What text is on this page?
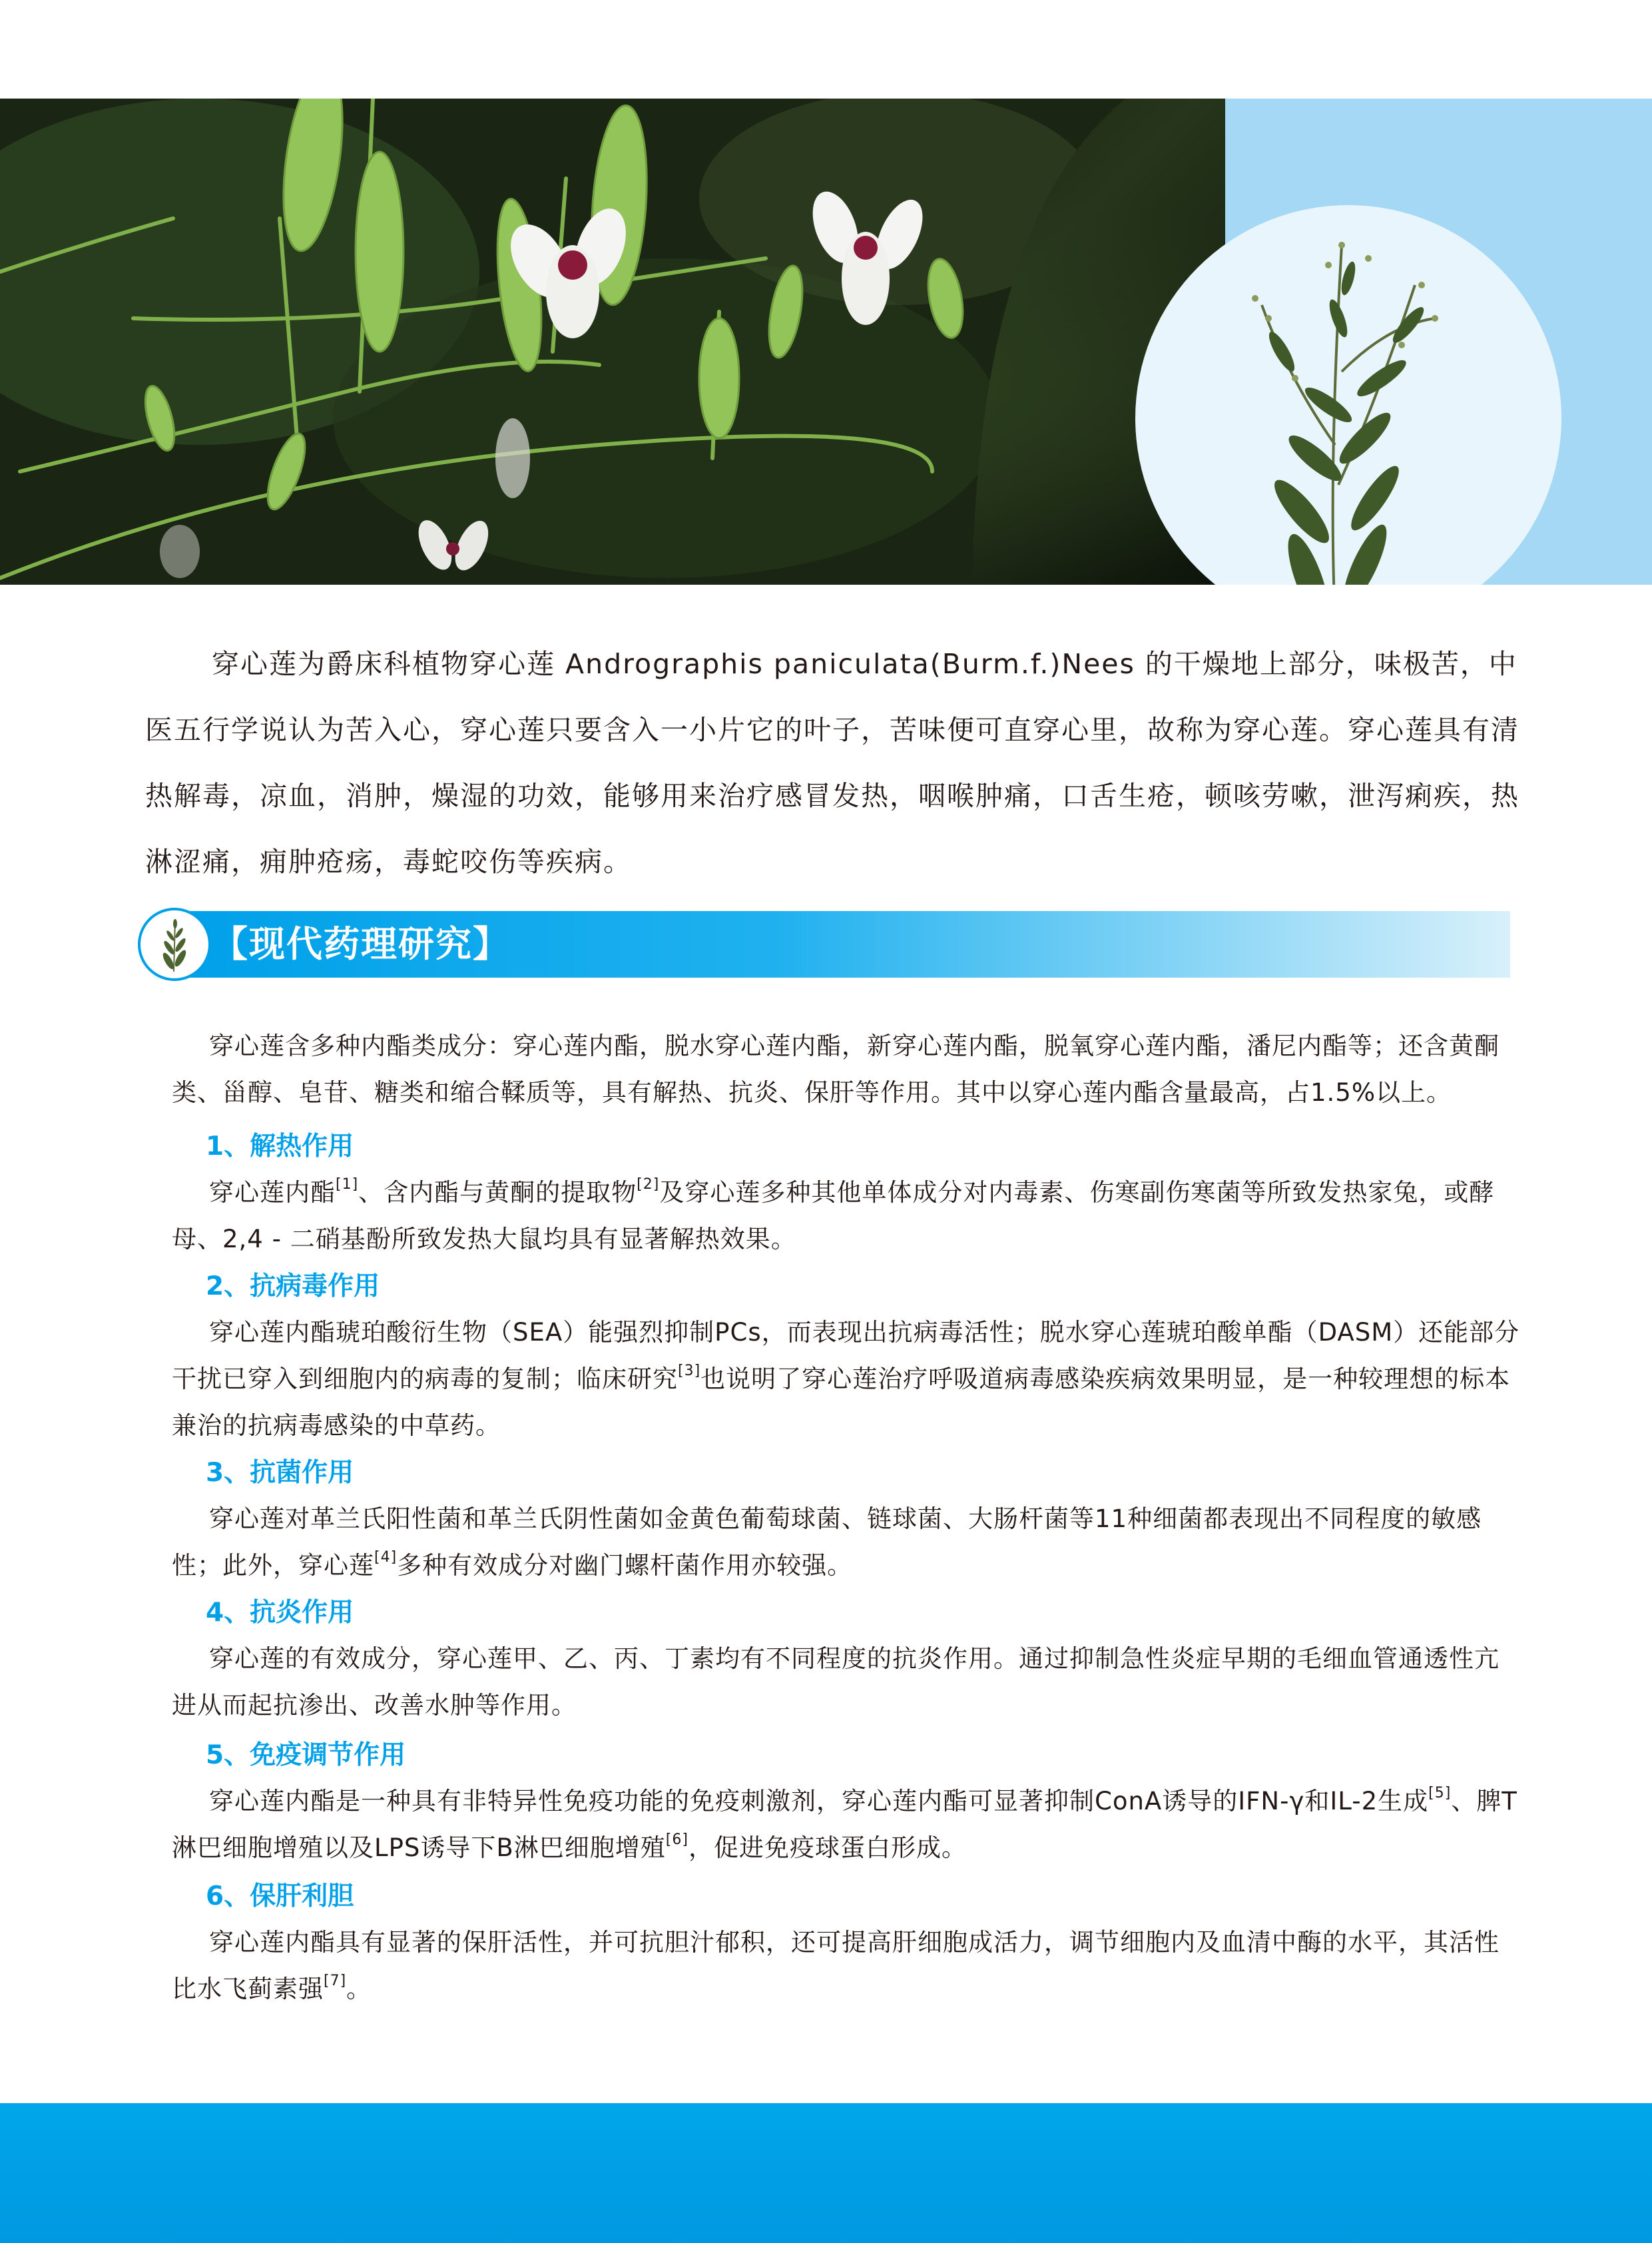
穿心莲为爵床科植物穿心莲 Andrographis paniculata(Burm.f.)Nees 的干燥地上部分，味极苦，中医五行学说认为苦入心，穿心莲只要含入一小片它的叶子，苦味便可直穿心里，故称为穿心莲。穿心莲具有清热解毒，凉血，消肿，燥湿的功效，能够用来治疗感冒发热，咽喉肿痛，口舌生疮，顿咳劳嗽，泄泻痢疾，热淋涩痛，痈肿疮疡，毒蛇咬伤等疾病。

【现代药理研究】

穿心莲含多种内酯类成分：穿心莲内酯，脱水穿心莲内酯，新穿心莲内酯，脱氧穿心莲内酯，潘尼内酯等；还含黄酮类、甾醇、皂苷、糖类和缩合鞣质等，具有解热、抗炎、保肝等作用。其中以穿心莲内酯含量最高，占1.5%以上。

1、解热作用

穿心莲内酯[1]、含内酯与黄酮的提取物[2]及穿心莲多种其他单体成分对内毒素、伤寒副伤寒菌等所致发热家兔，或酵母、2,4 - 二硝基酚所致发热大鼠均具有显著解热效果。

2、抗病毒作用

穿心莲内酯琥珀酸衍生物（SEA）能强烈抑制PCs，而表现出抗病毒活性；脱水穿心莲琥珀酸单酯（DASM）还能部分干扰已穿入到细胞内的病毒的复制；临床研究[3]也说明了穿心莲治疗呼吸道病毒感染疾病效果明显，是一种较理想的标本兼治的抗病毒感染的中草药。

3、抗菌作用

穿心莲对革兰氏阳性菌和革兰氏阴性菌如金黄色葡萄球菌、链球菌、大肠杆菌等11种细菌都表现出不同程度的敏感性；此外，穿心莲[4]多种有效成分对幽门螺杆菌作用亦较强。

4、抗炎作用

穿心莲的有效成分，穿心莲甲、乙、丙、丁素均有不同程度的抗炎作用。通过抑制急性炎症早期的毛细血管通透性亢进从而起抗渗出、改善水肿等作用。

5、免疫调节作用

穿心莲内酯是一种具有非特异性免疫功能的免疫刺激剂，穿心莲内酯可显著抑制ConA诱导的IFN-γ和IL-2生成[5]、脾T淋巴细胞增殖以及LPS诱导下B淋巴细胞增殖[6]，促进免疫球蛋白形成。

6、保肝利胆

穿心莲内酯具有显著的保肝活性，并可抗胆汁郁积，还可提高肝细胞成活力，调节细胞内及血清中酶的水平，其活性比水飞蓟素强[7]。
